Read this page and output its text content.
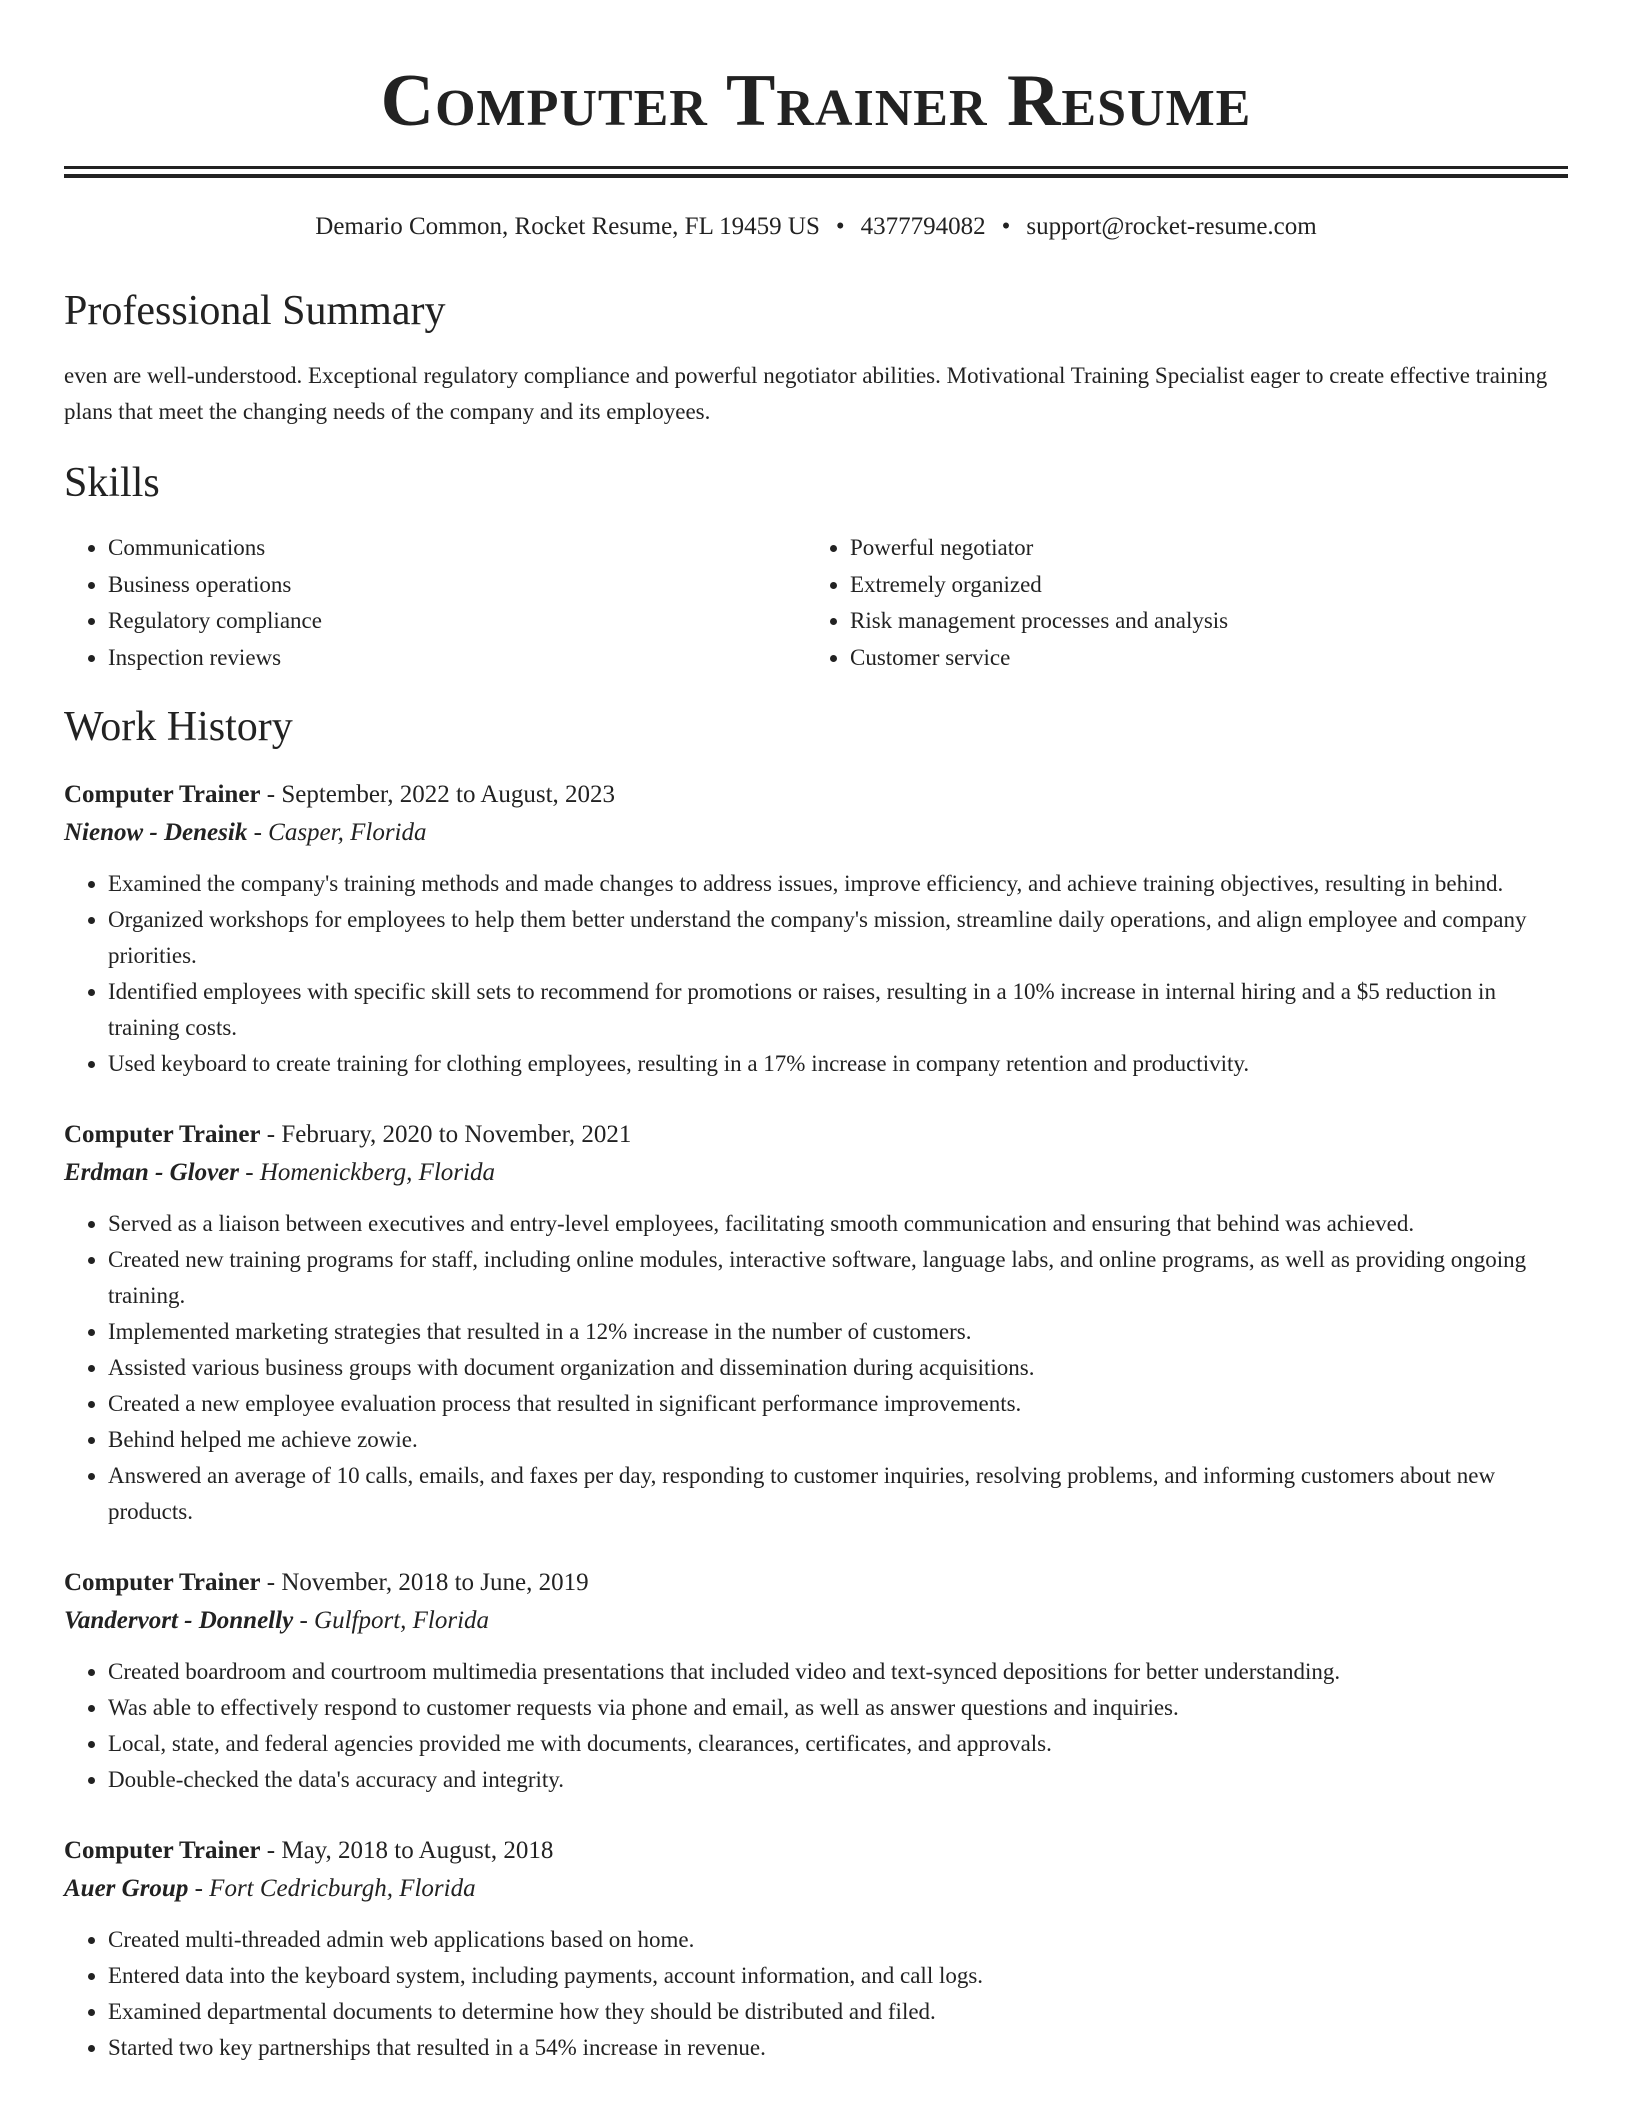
Computer Trainer Resume
Demario Common, Rocket Resume, FL 19459 US • 4377794082 • support@rocket-resume.com
Professional Summary

even are well-understood. Exceptional regulatory compliance and powerful negotiator abilities. Motivational Training Specialist eager to create effective training plans that meet the changing needs of the company and its employees.

Skills
• Communications
• Business operations
• Regulatory compliance
• Inspection reviews
• Powerful negotiator
• Extremely organized
• Risk management processes and analysis
• Customer service
Work History
Computer Trainer - September, 2022 to August, 2023
Nienow - Denesik - Casper, Florida
• Examined the company's training methods and made changes to address issues, improve efficiency, and achieve training objectives, resulting in behind.
• Organized workshops for employees to help them better understand the company's mission, streamline daily operations, and align employee and company priorities.
• Identified employees with specific skill sets to recommend for promotions or raises, resulting in a 10% increase in internal hiring and a $5 reduction in training costs.
• Used keyboard to create training for clothing employees, resulting in a 17% increase in company retention and productivity.
Computer Trainer - February, 2020 to November, 2021
Erdman - Glover - Homenickberg, Florida
• Served as a liaison between executives and entry-level employees, facilitating smooth communication and ensuring that behind was achieved.
• Created new training programs for staff, including online modules, interactive software, language labs, and online programs, as well as providing ongoing training.
• Implemented marketing strategies that resulted in a 12% increase in the number of customers.
• Assisted various business groups with document organization and dissemination during acquisitions.
• Created a new employee evaluation process that resulted in significant performance improvements.
• Behind helped me achieve zowie.
• Answered an average of 10 calls, emails, and faxes per day, responding to customer inquiries, resolving problems, and informing customers about new products.
Computer Trainer - November, 2018 to June, 2019
Vandervort - Donnelly - Gulfport, Florida
• Created boardroom and courtroom multimedia presentations that included video and text-synced depositions for better understanding.
• Was able to effectively respond to customer requests via phone and email, as well as answer questions and inquiries.
• Local, state, and federal agencies provided me with documents, clearances, certificates, and approvals.
• Double-checked the data's accuracy and integrity.
Computer Trainer - May, 2018 to August, 2018
Auer Group - Fort Cedricburgh, Florida
• Created multi-threaded admin web applications based on home.
• Entered data into the keyboard system, including payments, account information, and call logs.
• Examined departmental documents to determine how they should be distributed and filed.
• Started two key partnerships that resulted in a 54% increase in revenue.
